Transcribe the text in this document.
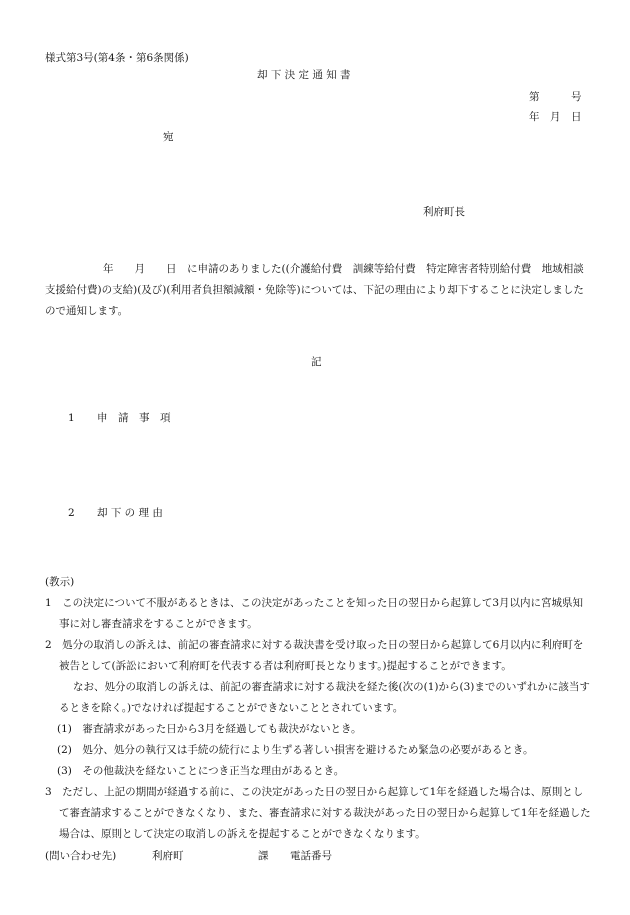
様式第3号(第4条・第6条関係)
却 下 決 定 通 知 書
第　　　号
年　月　日
宛
利府町長

年　　月　　日　に申請のありました((介護給付費　訓練等給付費　特定障害者特別給付費　地域相談支援給付費)の支給)(及び)(利用者負担額減額・免除等)については、下記の理由により却下することに決定しましたので通知します。

記
1 申　請　事　項
2 却 下 の 理 由

(教示)

1　この決定について不服があるときは、この決定があったことを知った日の翌日から起算して3月以内に宮城県知事に対し審査請求をすることができます。

2　処分の取消しの訴えは、前記の審査請求に対する裁決書を受け取った日の翌日から起算して6月以内に利府町を被告として(訴訟において利府町を代表する者は利府町長となります。)提起することができます。

なお、処分の取消しの訴えは、前記の審査請求に対する裁決を経た後(次の(1)から(3)までのいずれかに該当するときを除く。)でなければ提起することができないこととされています。

(1)　審査請求があった日から3月を経過しても裁決がないとき。

(2)　処分、処分の執行又は手続の続行により生ずる著しい損害を避けるため緊急の必要があるとき。

(3)　その他裁決を経ないことにつき正当な理由があるとき。

3　ただし、上記の期間が経過する前に、この決定があった日の翌日から起算して1年を経過した場合は、原則として審査請求することができなくなり、また、審査請求に対する裁決があった日の翌日から起算して1年を経過した場合は、原則として決定の取消しの訴えを提起することができなくなります。

(問い合わせ先)	利府町	課 電話番号
